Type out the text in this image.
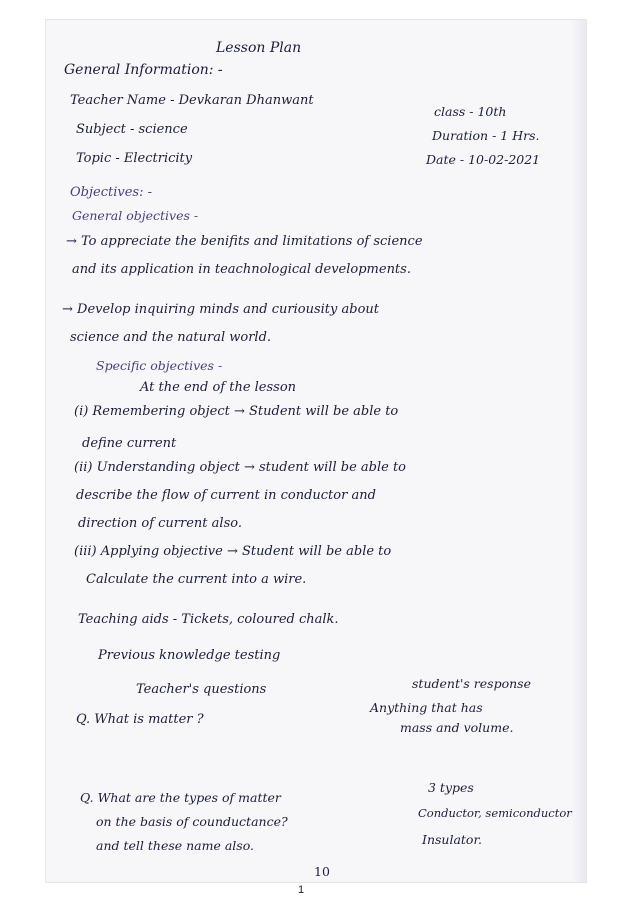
Lesson Plan
General Information: -
Teacher Name - Devkaran Dhanwant
Subject - science
Topic - Electricity
class - 10th
Duration - 1 Hrs.
Date - 10-02-2021
Objectives: -
General objectives -
→ To appreciate the benifits and limitations of science
and its application in teachnological developments.
→ Develop inquiring minds and curiousity about
science and the natural world.
Specific objectives -
At the end of the lesson
(i) Remembering object → Student will be able to
define current
(ii) Understanding object → student will be able to
describe the flow of current in conductor and
direction of current also.
(iii) Applying objective → Student will be able to
Calculate the current into a wire.
Teaching aids - Tickets, coloured chalk.
Previous knowledge testing
Teacher's questions	student's response
Q. What is matter ?
Anything that has
mass and volume.
Q. What are the types of matter
on the basis of counductance?
and tell these name also.
3 types
Conductor, semiconductor
Insulator.
10
1
